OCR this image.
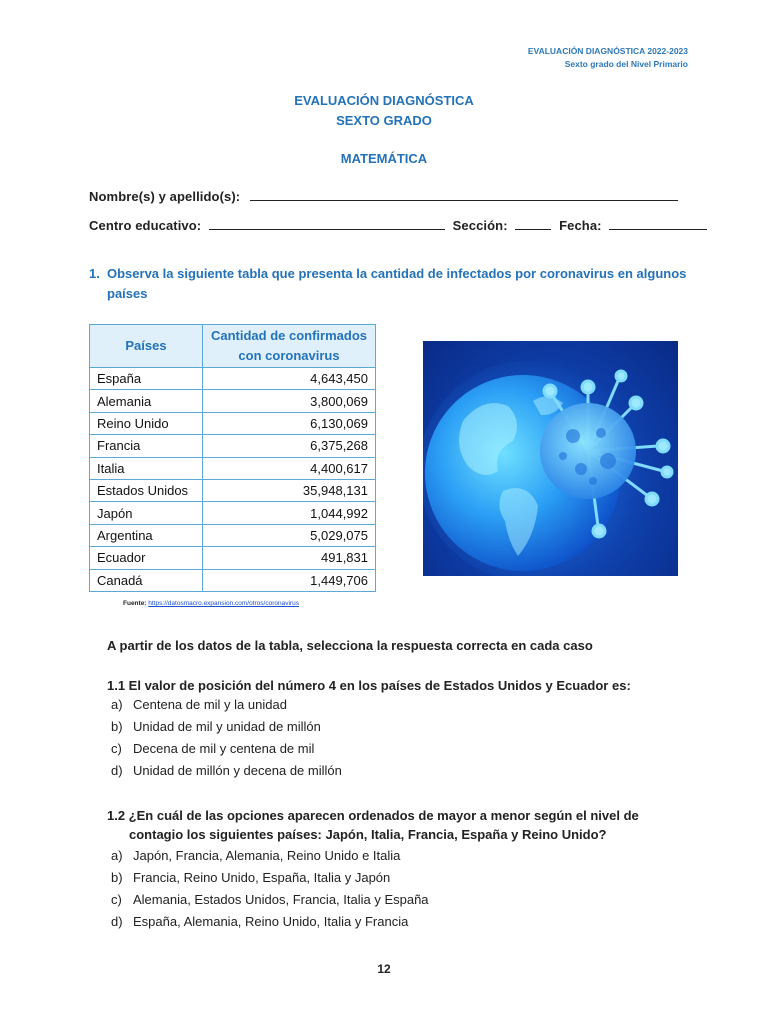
EVALUACIÓN DIAGNÓSTICA 2022-2023
Sexto grado del Nivel Primario
EVALUACIÓN DIAGNÓSTICA
SEXTO GRADO
MATEMÁTICA
Nombre(s) y apellido(s):
Centro educativo:	Sección:	Fecha:
1. Observa la siguiente tabla que presenta la cantidad de infectados por coronavirus en algunos países
Países	Cantidad de confirmados con coronavirus
España	4,643,450
Alemania	3,800,069
Reino Unido	6,130,069
Francia	6,375,268
Italia	4,400,617
Estados Unidos	35,948,131
Japón	1,044,992
Argentina	5,029,075
Ecuador	491,831
Canadá	1,449,706
Fuente: https://datosmacro.expansion.com/otros/coronavirus
A partir de los datos de la tabla, selecciona la respuesta correcta en cada caso
1.1 El valor de posición del número 4 en los países de Estados Unidos y Ecuador es:
a) Centena de mil y la unidad
b) Unidad de mil y unidad de millón
c) Decena de mil y centena de mil
d) Unidad de millón y decena de millón
1.2 ¿En cuál de las opciones aparecen ordenados de mayor a menor según el nivel de
contagio los siguientes países: Japón, Italia, Francia, España y Reino Unido?
a) Japón, Francia, Alemania, Reino Unido e Italia
b) Francia, Reino Unido, España, Italia y Japón
c) Alemania, Estados Unidos, Francia, Italia y España
d) España, Alemania, Reino Unido, Italia y Francia
12
